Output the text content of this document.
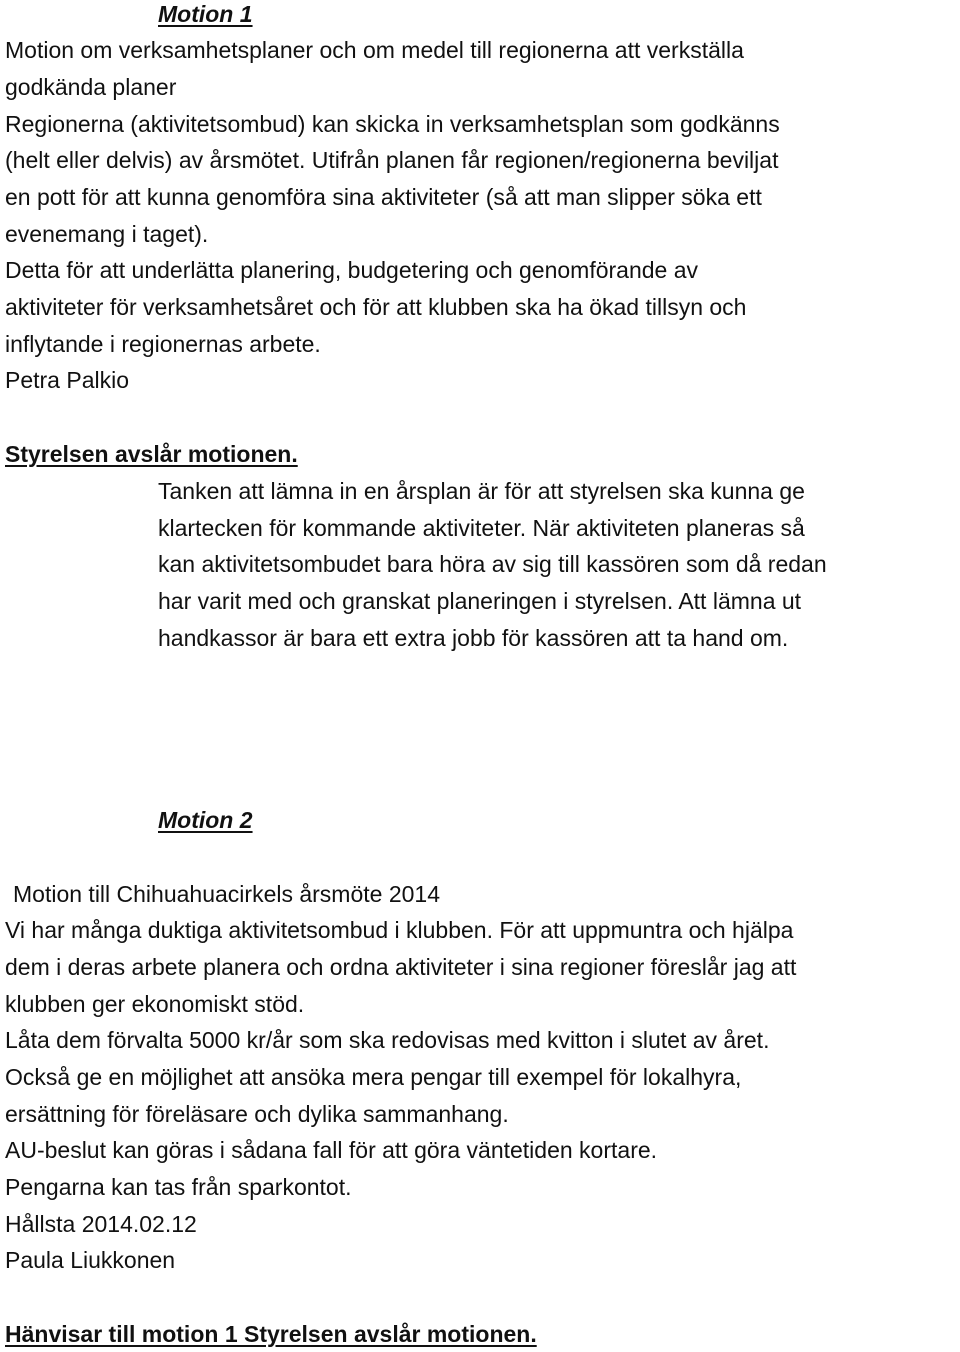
Motion 1
Motion om verksamhetsplaner och om medel till regionerna att verkställa
godkända planer
Regionerna (aktivitetsombud) kan skicka in verksamhetsplan som godkänns
(helt eller delvis) av årsmötet. Utifrån planen får regionen/regionerna beviljat
en pott för att kunna genomföra sina aktiviteter (så att man slipper söka ett
evenemang i taget).
Detta för att underlätta planering, budgetering och genomförande av
aktiviteter för verksamhetsåret och för att klubben ska ha ökad tillsyn och
inflytande i regionernas arbete.
Petra Palkio
Styrelsen avslår motionen.
Tanken att lämna in en årsplan är för att styrelsen ska kunna ge
klartecken för kommande aktiviteter. När aktiviteten planeras så
kan aktivitetsombudet bara höra av sig till kassören som då redan
har varit med och granskat planeringen i styrelsen. Att lämna ut
handkassor är bara ett extra jobb för kassören att ta hand om.
Motion 2
Motion till Chihuahuacirkels årsmöte 2014
Vi har många duktiga aktivitetsombud i klubben. För att uppmuntra och hjälpa
dem i deras arbete planera och ordna aktiviteter i sina regioner föreslår jag att
klubben ger ekonomiskt stöd.
Låta dem förvalta 5000 kr/år som ska redovisas med kvitton i slutet av året.
Också ge en möjlighet att ansöka mera pengar till exempel för lokalhyra,
ersättning för föreläsare och dylika sammanhang.
AU-beslut kan göras i sådana fall för att göra väntetiden kortare.
Pengarna kan tas från sparkontot.
Hållsta 2014.02.12
Paula Liukkonen
Hänvisar till motion 1 Styrelsen avslår motionen.
